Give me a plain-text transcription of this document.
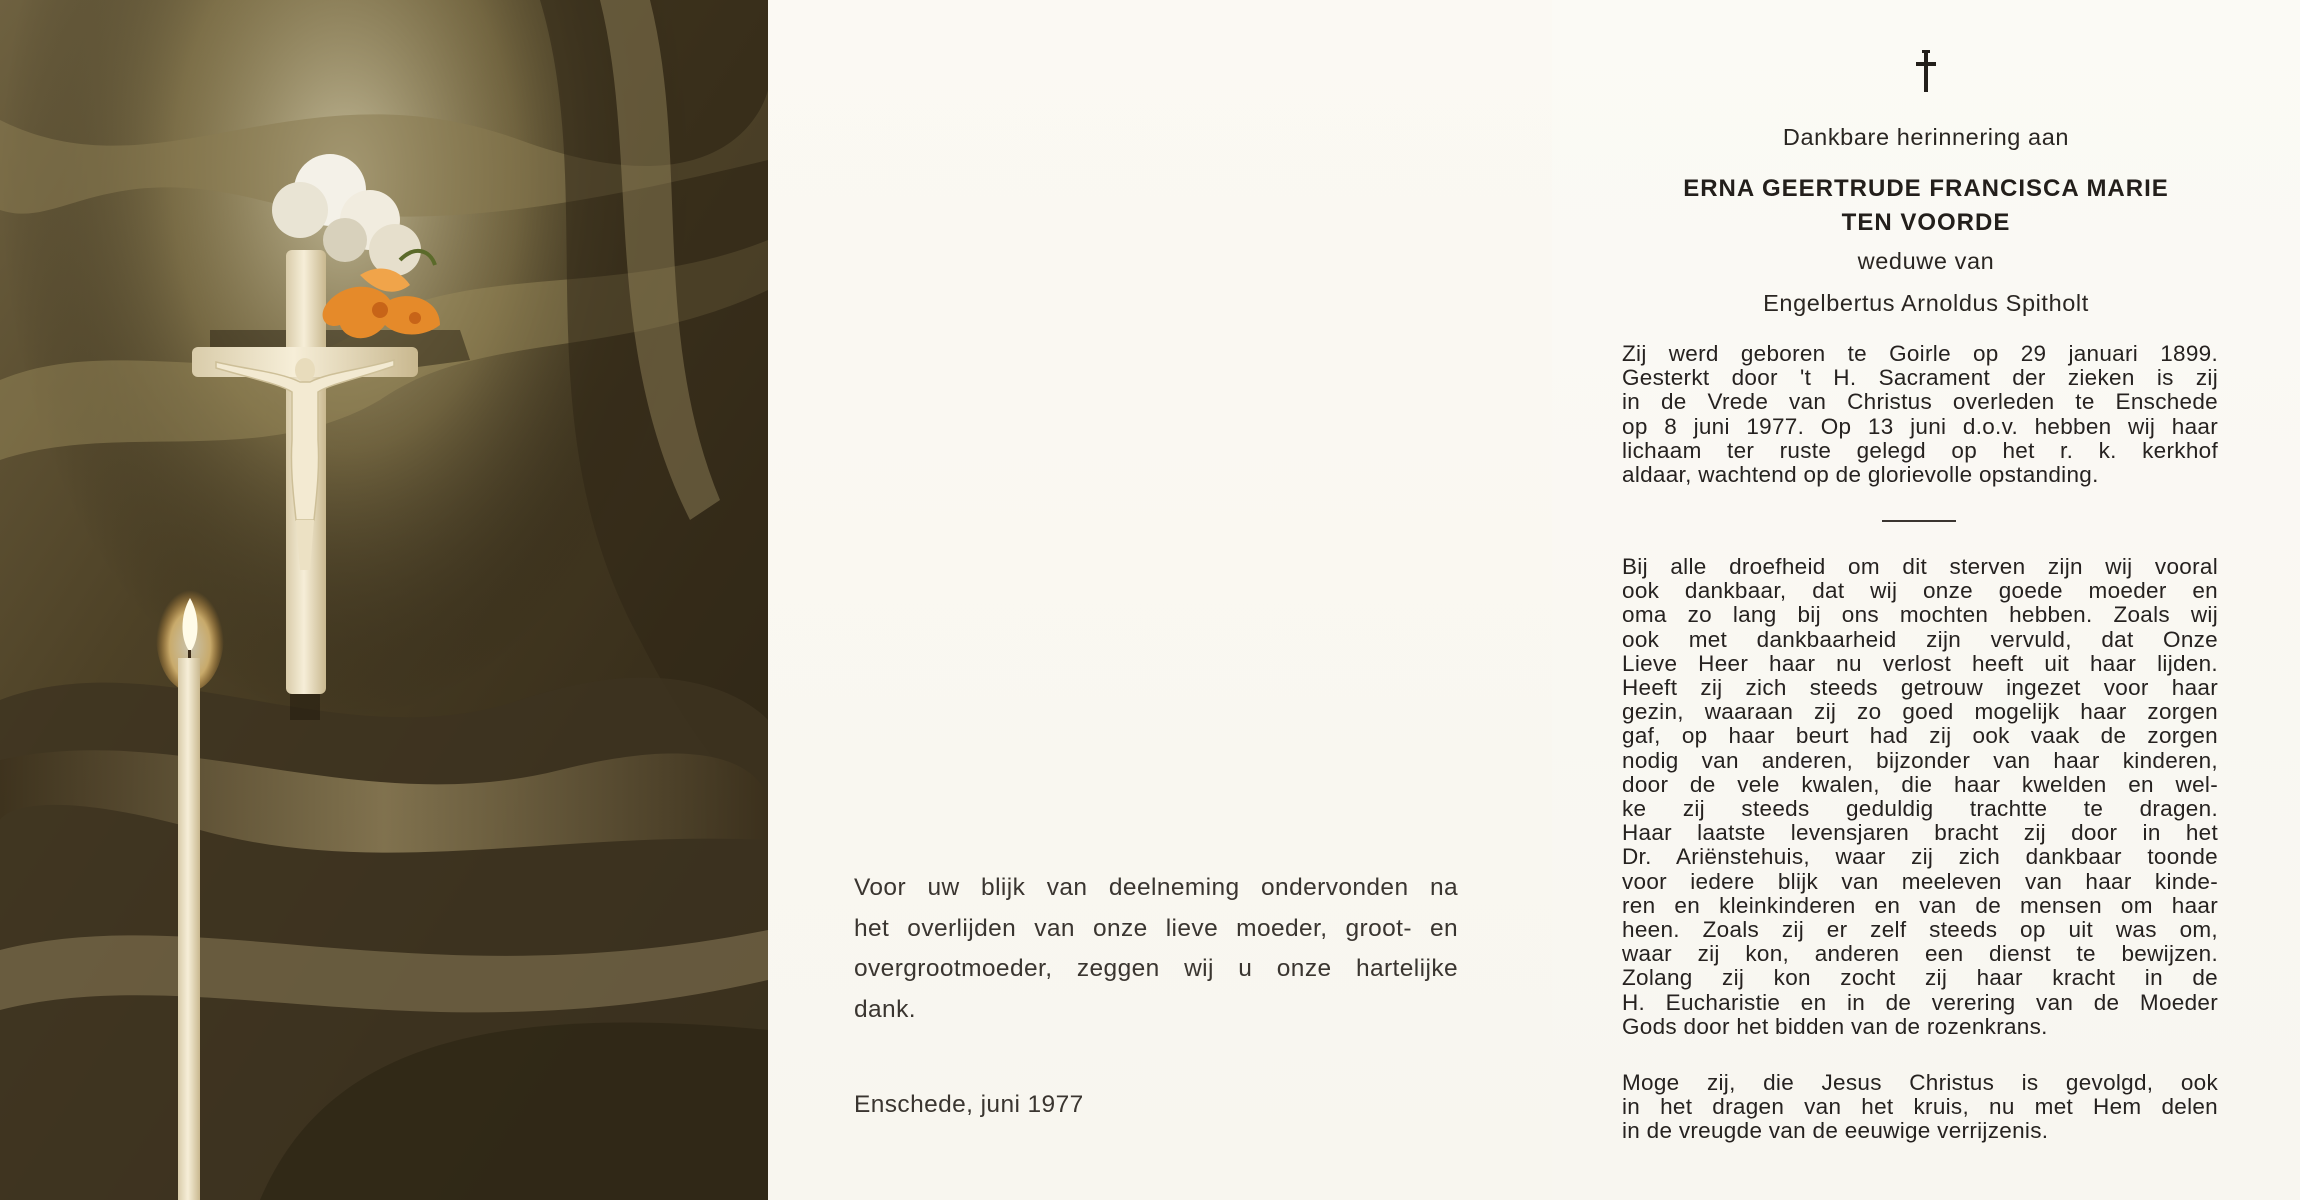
Voor uw blijk van deelneming ondervonden na
het overlijden van onze lieve moeder, groot- en
overgrootmoeder, zeggen wij u onze hartelijke
dank.

Enschede, juni 1977

Dankbare herinnering aan

ERNA GEERTRUDE FRANCISCA MARIE
TEN VOORDE

weduwe van

Engelbertus Arnoldus Spitholt

Zij werd geboren te Goirle op 29 januari 1899.
Gesterkt door 't H. Sacrament der zieken is zij
in de Vrede van Christus overleden te Enschede
op 8 juni 1977. Op 13 juni d.o.v. hebben wij haar
lichaam ter ruste gelegd op het r. k. kerkhof
aldaar, wachtend op de glorievolle opstanding.
Bij alle droefheid om dit sterven zijn wij vooral
ook dankbaar, dat wij onze goede moeder en
oma zo lang bij ons mochten hebben. Zoals wij
ook met dankbaarheid zijn vervuld, dat Onze
Lieve Heer haar nu verlost heeft uit haar lijden.
Heeft zij zich steeds getrouw ingezet voor haar
gezin, waaraan zij zo goed mogelijk haar zorgen
gaf, op haar beurt had zij ook vaak de zorgen
nodig van anderen, bijzonder van haar kinderen,
door de vele kwalen, die haar kwelden en wel-
ke zij steeds geduldig trachtte te dragen.
Haar laatste levensjaren bracht zij door in het
Dr. Ariënstehuis, waar zij zich dankbaar toonde
voor iedere blijk van meeleven van haar kinde-
ren en kleinkinderen en van de mensen om haar
heen. Zoals zij er zelf steeds op uit was om,
waar zij kon, anderen een dienst te bewijzen.
Zolang zij kon zocht zij haar kracht in de
H. Eucharistie en in de verering van de Moeder
Gods door het bidden van de rozenkrans.
Moge zij, die Jesus Christus is gevolgd, ook
in het dragen van het kruis, nu met Hem delen
in de vreugde van de eeuwige verrijzenis.
